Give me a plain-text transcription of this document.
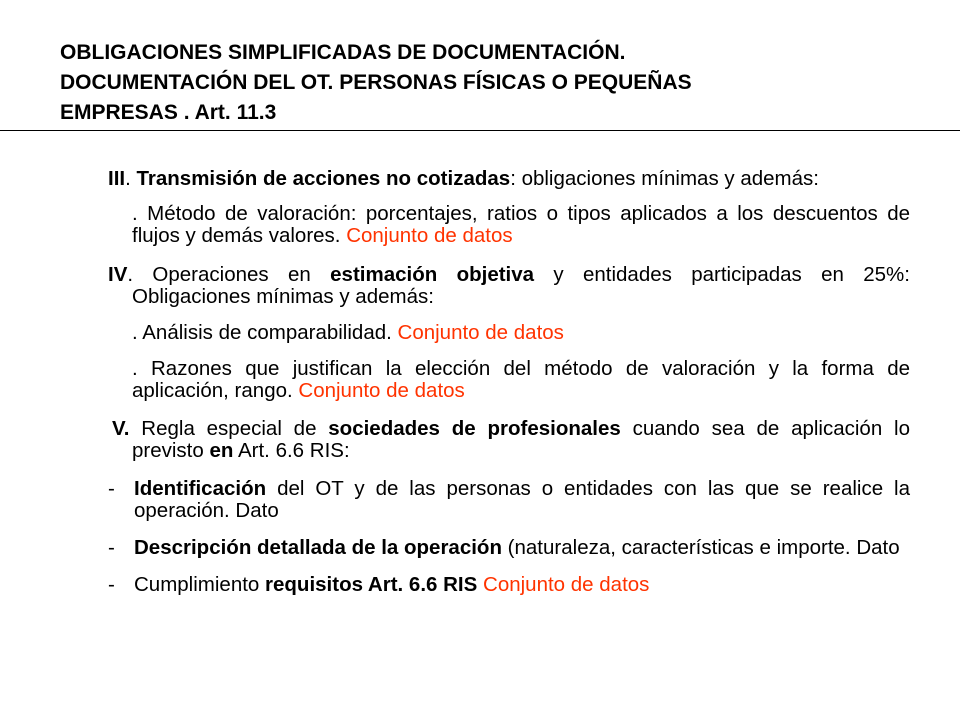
OBLIGACIONES SIMPLIFICADAS DE DOCUMENTACIÓN.
DOCUMENTACIÓN DEL OT. PERSONAS FÍSICAS O PEQUEÑAS
EMPRESAS . Art. 11.3

III. Transmisión de acciones no cotizadas: obligaciones mínimas y además:

. Método de valoración: porcentajes, ratios o tipos aplicados a los descuentos de flujos y demás valores. Conjunto de datos

IV. Operaciones en estimación objetiva y entidades participadas en 25%: Obligaciones mínimas y además:

. Análisis de comparabilidad. Conjunto de datos

. Razones que justifican la elección del método de valoración y la forma de aplicación, rango. Conjunto de datos

V. Regla especial de sociedades de profesionales cuando sea de aplicación lo previsto en Art. 6.6 RIS:

- Identificación del OT y de las personas o entidades con las que se realice la operación. Dato
- Descripción detallada de la operación (naturaleza, características e importe. Dato
- Cumplimiento requisitos Art. 6.6 RIS Conjunto de datos
